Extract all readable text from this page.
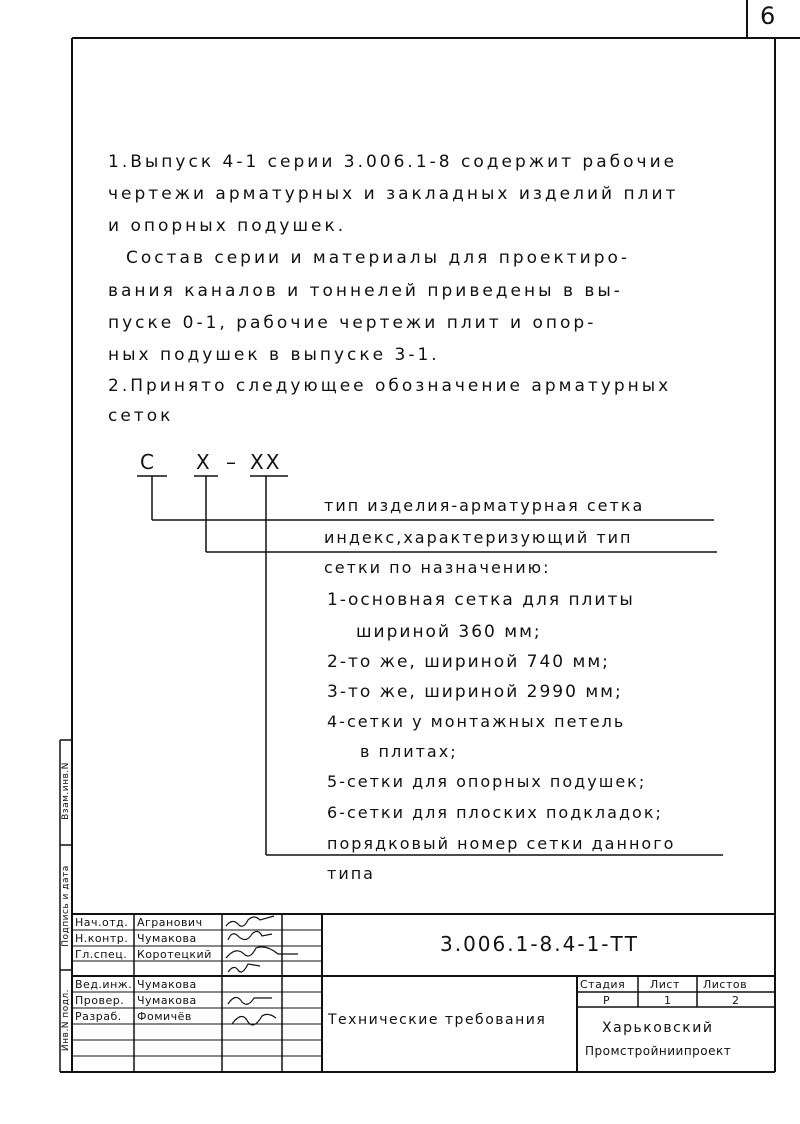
6
1.Выпуск 4-1 серии 3.006.1-8 содержит рабочие
чертежи арматурных и закладных изделий плит
и опорных подушек.
Состав серии и материалы для проектиро-
вания каналов и тоннелей приведены в вы-
пуске 0-1, рабочие чертежи плит и опор-
ных подушек в выпуске 3-1.
2.Принято следующее обозначение арматурных
сеток
С Х – ХХ
тип изделия-арматурная сетка
индекс,характеризующий тип
сетки по назначению:
1-основная сетка для плиты
шириной 360 мм;
2-то же, шириной 740 мм;
3-то же, шириной 2990 мм;
4-сетки у монтажных петель
в плитах;
5-сетки для опорных подушек;
6-сетки для плоских подкладок;
порядковый номер сетки данного
типа
Взам.инв.N
Подпись и дата
Инв.N подл.
Нач.отд. Агранович
Н.контр. Чумакова
Гл.спец. Коротецкий
Вед.инж. Чумакова
Провер. Чумакова
Разраб. Фомичёв
3.006.1-8.4-1-ТТ
Технические требования
Стадия Лист Листов
Р	1	2
Харьковский
Промстройниипроект
